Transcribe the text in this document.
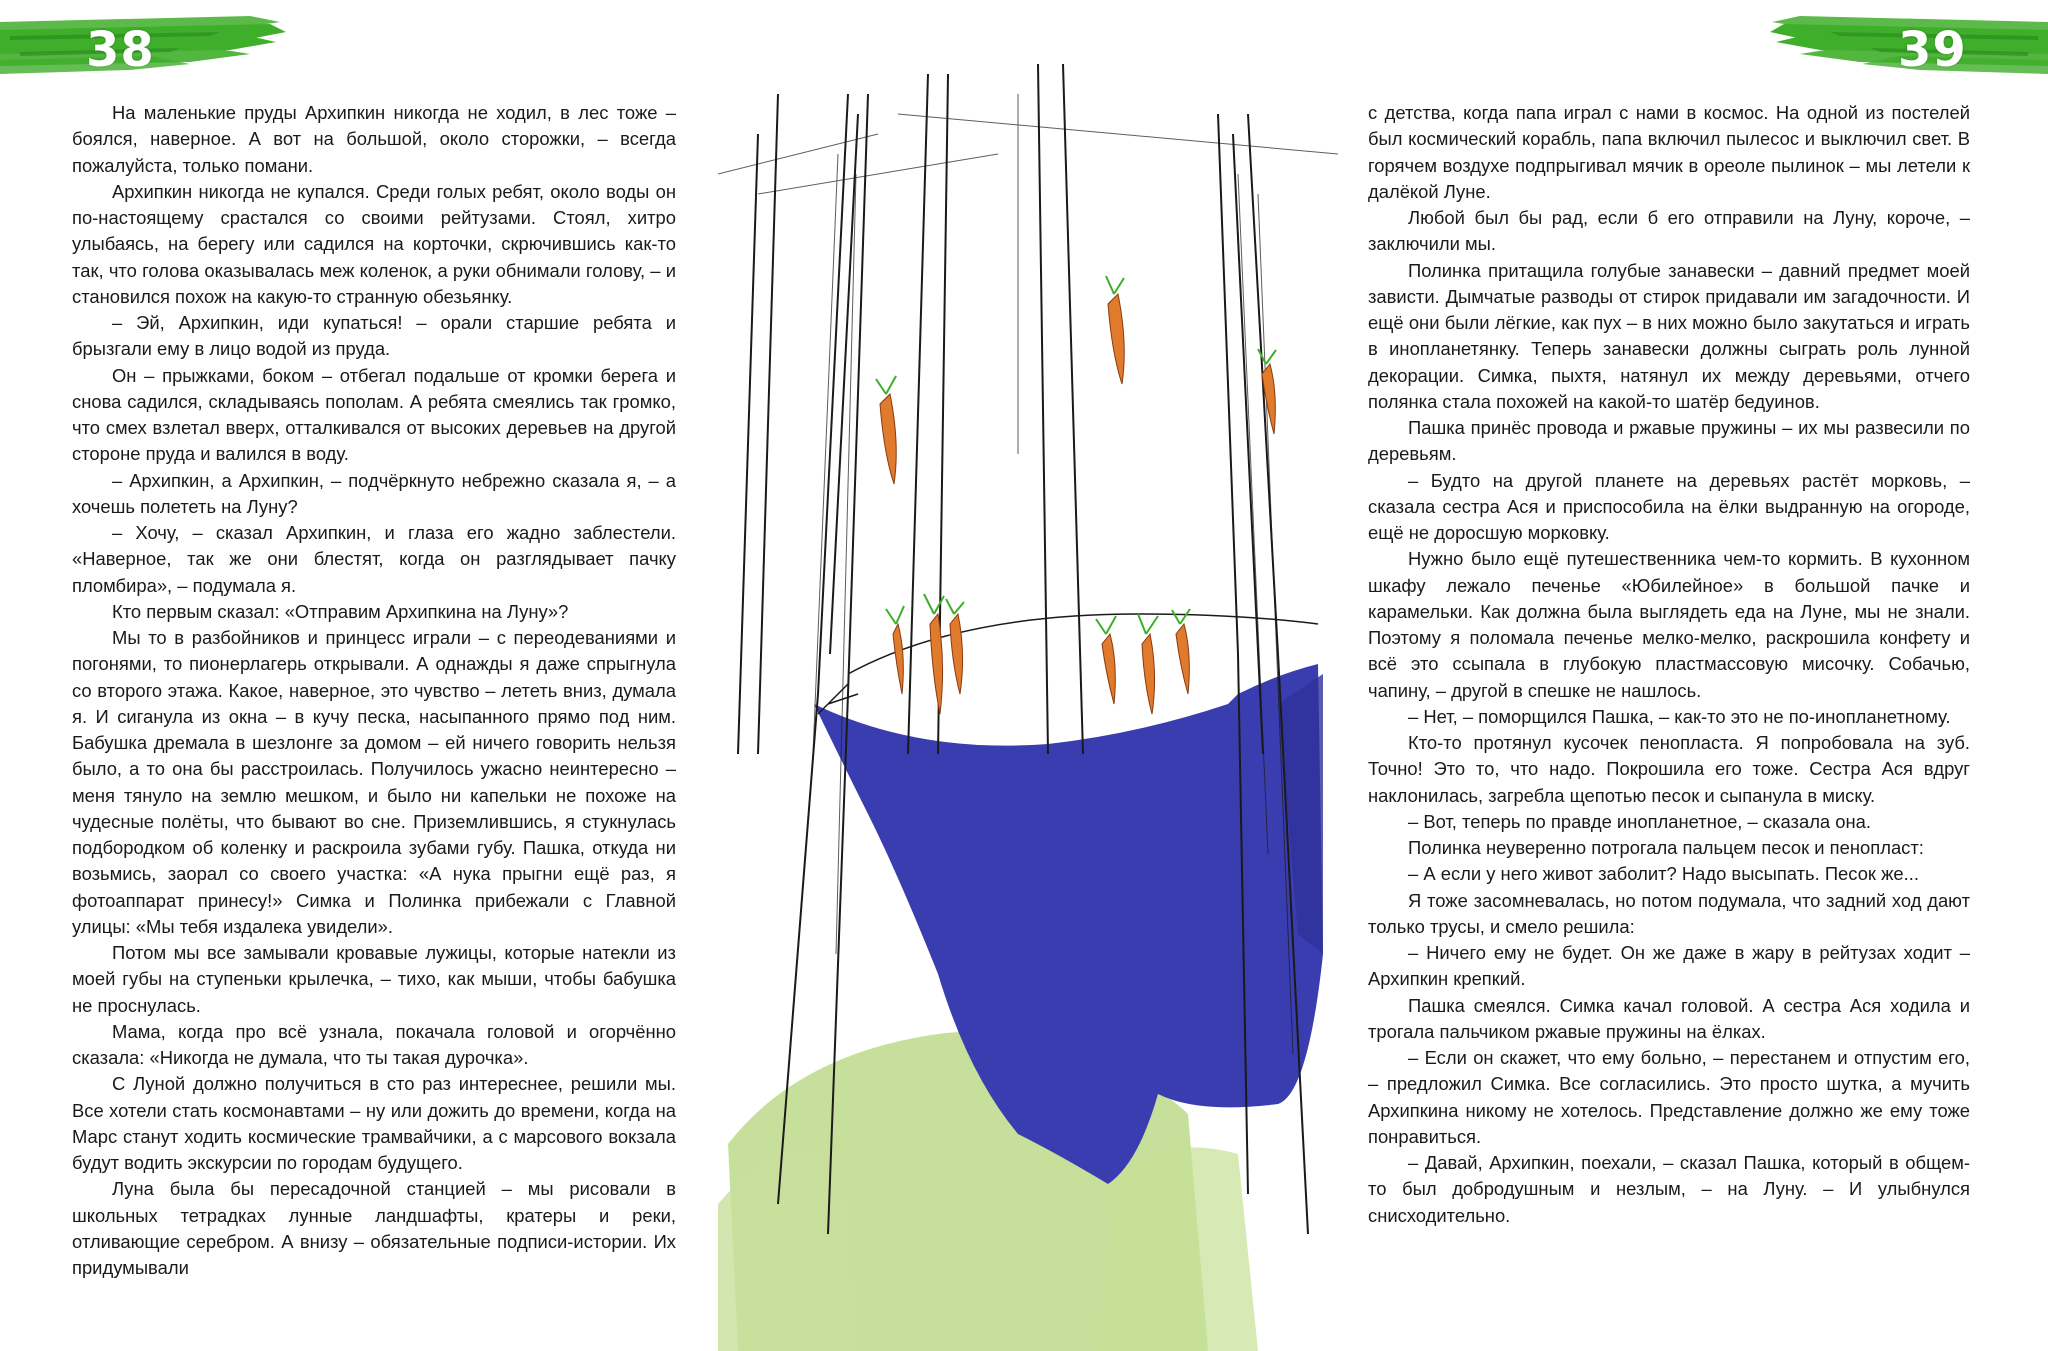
38	39

На маленькие пруды Архипкин никогда не ходил, в лес тоже – боялся, наверное. А вот на большой, около сторожки, – всегда пожалуйста, только помани.

Архипкин никогда не купался. Среди голых ребят, около воды он по-настоящему срастался со своими рейтузами. Стоял, хитро улыбаясь, на берегу или садился на корточки, скрючившись как-то так, что голова оказывалась меж коленок, а руки обнимали голову, – и становился похож на какую-то странную обезьянку.

– Эй, Архипкин, иди купаться! – орали старшие ребята и брызгали ему в лицо водой из пруда.

Он – прыжками, боком – отбегал подальше от кромки берега и снова садился, складываясь пополам. А ребята смеялись так громко, что смех взлетал вверх, отталкивался от высоких деревьев на другой стороне пруда и валился в воду.

– Архипкин, а Архипкин, – подчёркнуто небрежно сказала я, – а хочешь полететь на Луну?

– Хочу, – сказал Архипкин, и глаза его жадно заблестели. «Наверное, так же они блестят, когда он разглядывает пачку пломбира», – подумала я.

Кто первым сказал: «Отправим Архипкина на Луну»?

Мы то в разбойников и принцесс играли – с переодеваниями и погонями, то пионерлагерь открывали. А однажды я даже спрыгнула со второго этажа. Какое, наверное, это чувство – лететь вниз, думала я. И сиганула из окна – в кучу песка, насыпанного прямо под ним. Бабушка дремала в шезлонге за домом – ей ничего говорить нельзя было, а то она бы расстроилась. Получилось ужасно неинтересно – меня тянуло на землю мешком, и было ни капельки не похоже на чудесные полёты, что бывают во сне. Приземлившись, я стукнулась подбородком об коленку и раскроила зубами губу. Пашка, откуда ни возьмись, заорал со своего участка: «А нука прыгни ещё раз, я фотоаппарат принесу!» Симка и Полинка прибежали с Главной улицы: «Мы тебя издалека увидели».

Потом мы все замывали кровавые лужицы, которые натекли из моей губы на ступеньки крылечка, – тихо, как мыши, чтобы бабушка не проснулась.

Мама, когда про всё узнала, покачала головой и огорчённо сказала: «Никогда не думала, что ты такая дурочка».

С Луной должно получиться в сто раз интереснее, решили мы. Все хотели стать космонавтами – ну или дожить до времени, когда на Марс станут ходить космические трамвайчики, а с марсового вокзала будут водить экскурсии по городам будущего.

Луна была бы пересадочной станцией – мы рисовали в школьных тетрадках лунные ландшафты, кратеры и реки, отливающие серебром. А внизу – обязательные подписи-истории. Их придумывали

с детства, когда папа играл с нами в космос. На одной из постелей был космический корабль, папа включил пылесос и выключил свет. В горячем воздухе подпрыгивал мячик в ореоле пылинок – мы летели к далёкой Луне.

Любой был бы рад, если б его отправили на Луну, короче, – заключили мы.

Полинка притащила голубые занавески – давний предмет моей зависти. Дымчатые разводы от стирок придавали им загадочности. И ещё они были лёгкие, как пух – в них можно было закутаться и играть в инопланетянку. Теперь занавески должны сыграть роль лунной декорации. Симка, пыхтя, натянул их между деревьями, отчего полянка стала похожей на какой-то шатёр бедуинов.

Пашка принёс провода и ржавые пружины – их мы развесили по деревьям.

– Будто на другой планете на деревьях растёт морковь, – сказала сестра Ася и приспособила на ёлки выдранную на огороде, ещё не доросшую морковку.

Нужно было ещё путешественника чем-то кормить. В кухонном шкафу лежало печенье «Юбилейное» в большой пачке и карамельки. Как должна была выглядеть еда на Луне, мы не знали. Поэтому я поломала печенье мелко-мелко, раскрошила конфету и всё это ссыпала в глубокую пластмассовую мисочку. Собачью, чапину, – другой в спешке не нашлось.

– Нет, – поморщился Пашка, – как-то это не по-инопланетному.

Кто-то протянул кусочек пенопласта. Я попробовала на зуб. Точно! Это то, что надо. Покрошила его тоже. Сестра Ася вдруг наклонилась, загребла щепотью песок и сыпанула в миску.

– Вот, теперь по правде инопланетное, – сказала она.

Полинка неуверенно потрогала пальцем песок и пенопласт:

– А если у него живот заболит? Надо высыпать. Песок же...

Я тоже засомневалась, но потом подумала, что задний ход дают только трусы, и смело решила:

– Ничего ему не будет. Он же даже в жару в рейтузах ходит – Архипкин крепкий.

Пашка смеялся. Симка качал головой. А сестра Ася ходила и трогала пальчиком ржавые пружины на ёлках.

– Если он скажет, что ему больно, – перестанем и отпустим его, – предложил Симка. Все согласились. Это просто шутка, а мучить Архипкина никому не хотелось. Представление должно же ему тоже понравиться.

– Давай, Архипкин, поехали, – сказал Пашка, который в общем-то был добродушным и незлым, – на Луну. – И улыбнулся снисходительно.
